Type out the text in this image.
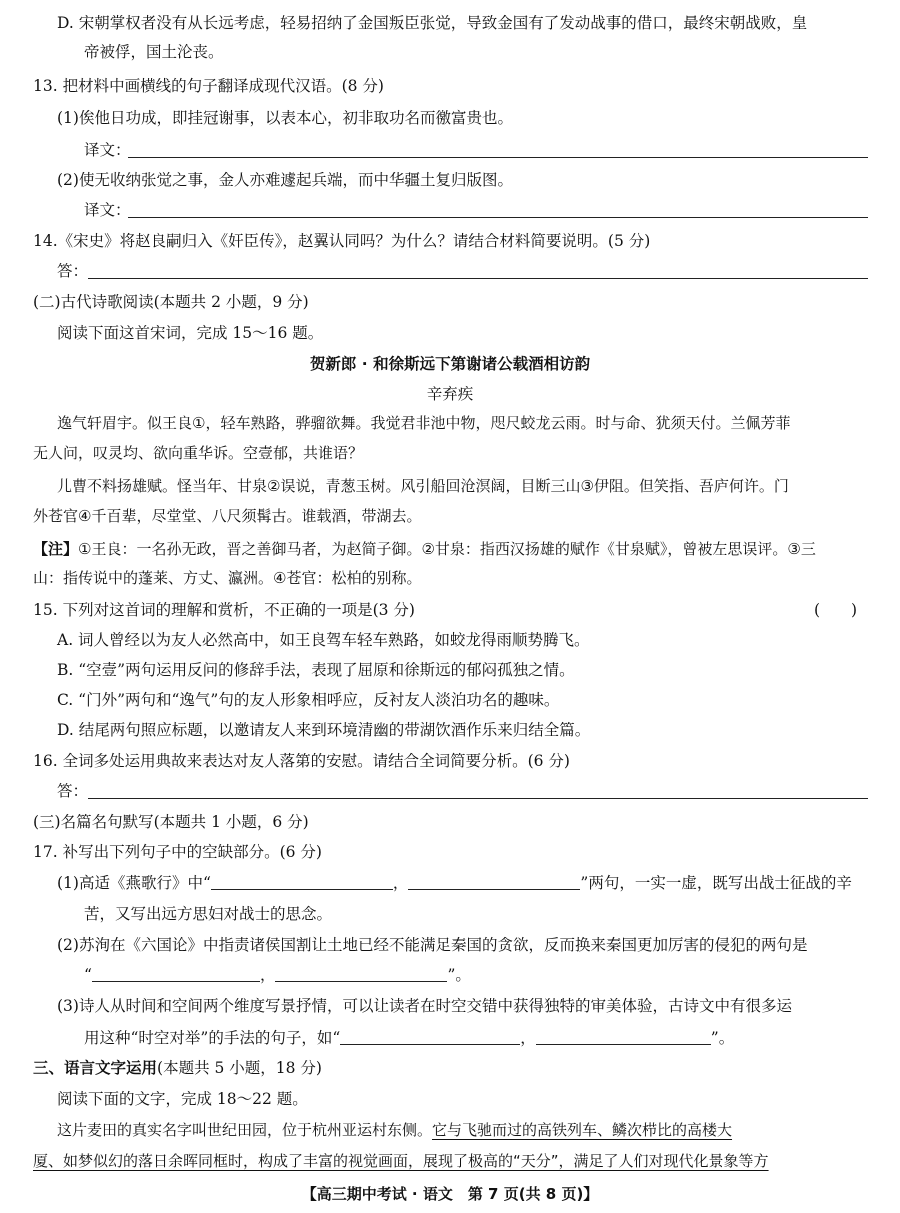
D. 宋朝掌权者没有从长远考虑，轻易招纳了金国叛臣张觉，导致金国有了发动战事的借口，最终宋朝战败，皇
帝被俘，国土沦丧。
13. 把材料中画横线的句子翻译成现代汉语。(8 分)
(1)俟他日功成，即挂冠谢事，以表本心，初非取功名而徼富贵也。
译文：
(2)使无收纳张觉之事，金人亦难遽起兵端，而中华疆土复归版图。
译文：
14.《宋史》将赵良嗣归入《奸臣传》，赵翼认同吗？为什么？请结合材料简要说明。(5 分)
答：
(二)古代诗歌阅读(本题共 2 小题，9 分)
阅读下面这首宋词，完成 15～16 题。
贺新郎 · 和徐斯远下第谢诸公载酒相访韵
辛弃疾
逸气轩眉宇。似王良①，轻车熟路，骅骝欲舞。我觉君非池中物，咫尺蛟龙云雨。时与命、犹须天付。兰佩芳菲
无人问，叹灵均、欲向重华诉。空壹郁，共谁语？
儿曹不料扬雄赋。怪当年、甘泉②误说，青葱玉树。风引船回沧溟阔，目断三山③伊阻。但笑指、吾庐何许。门
外苍官④千百辈，尽堂堂、八尺须髯古。谁载酒，带湖去。
【注】①王良：一名孙无政，晋之善御马者，为赵简子御。②甘泉：指西汉扬雄的赋作《甘泉赋》，曾被左思误评。③三
山：指传说中的蓬莱、方丈、瀛洲。④苍官：松柏的别称。
15. 下列对这首词的理解和赏析，不正确的一项是(3 分)	(　　)
A. 词人曾经以为友人必然高中，如王良驾车轻车熟路，如蛟龙得雨顺势腾飞。
B. “空壹”两句运用反问的修辞手法，表现了屈原和徐斯远的郁闷孤独之情。
C. “门外”两句和“逸气”句的友人形象相呼应，反衬友人淡泊功名的趣味。
D. 结尾两句照应标题，以邀请友人来到环境清幽的带湖饮酒作乐来归结全篇。
16. 全词多处运用典故来表达对友人落第的安慰。请结合全词简要分析。(6 分)
答：
(三)名篇名句默写(本题共 1 小题，6 分)
17. 补写出下列句子中的空缺部分。(6 分)
(1)高适《燕歌行》中“	，	”两句，一实一虚，既写出战士征战的辛
苦，又写出远方思妇对战士的思念。
(2)苏洵在《六国论》中指责诸侯国割让土地已经不能满足秦国的贪欲，反而换来秦国更加厉害的侵犯的两句是
“	，	”。
(3)诗人从时间和空间两个维度写景抒情，可以让读者在时空交错中获得独特的审美体验，古诗文中有很多运
用这种“时空对举”的手法的句子，如“	，	”。
三、语言文字运用(本题共 5 小题，18 分)
阅读下面的文字，完成 18～22 题。
这片麦田的真实名字叫世纪田园，位于杭州亚运村东侧。它与飞驰而过的高铁列车、鳞次栉比的高楼大
厦、如梦似幻的落日余晖同框时，构成了丰富的视觉画面，展现了极高的“天分”，满足了人们对现代化景象等方
【高三期中考试 · 语文　第 7 页(共 8 页)】
